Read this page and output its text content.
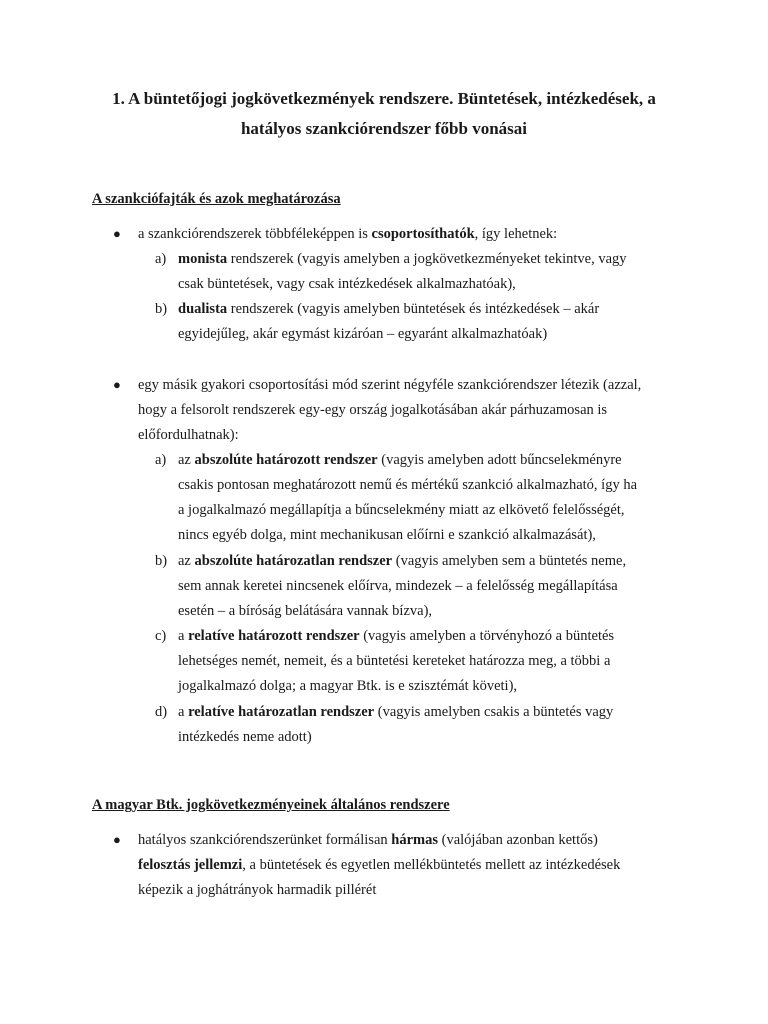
1. A büntetőjogi jogkövetkezmények rendszere. Büntetések, intézkedések, a
hatályos szankciórendszer főbb vonásai
A szankciófajták és azok meghatározása
● a szankciórendszerek többféleképpen is csoportosíthatók, így lehetnek:
a) monista rendszerek (vagyis amelyben a jogkövetkezményeket tekintve, vagy
csak büntetések, vagy csak intézkedések alkalmazhatóak),
b) dualista rendszerek (vagyis amelyben büntetések és intézkedések – akár
egyidejűleg, akár egymást kizáróan – egyaránt alkalmazhatóak)
● egy másik gyakori csoportosítási mód szerint négyféle szankciórendszer létezik (azzal,
hogy a felsorolt rendszerek egy-egy ország jogalkotásában akár párhuzamosan is
előfordulhatnak):
a) az abszolúte határozott rendszer (vagyis amelyben adott bűncselekményre
csakis pontosan meghatározott nemű és mértékű szankció alkalmazható, így ha
a jogalkalmazó megállapítja a bűncselekmény miatt az elkövető felelősségét,
nincs egyéb dolga, mint mechanikusan előírni e szankció alkalmazását),
b) az abszolúte határozatlan rendszer (vagyis amelyben sem a büntetés neme,
sem annak keretei nincsenek előírva, mindezek – a felelősség megállapítása
esetén – a bíróság belátására vannak bízva),
c) a relatíve határozott rendszer (vagyis amelyben a törvényhozó a büntetés
lehetséges nemét, nemeit, és a büntetési kereteket határozza meg, a többi a
jogalkalmazó dolga; a magyar Btk. is e szisztémát követi),
d) a relatíve határozatlan rendszer (vagyis amelyben csakis a büntetés vagy
intézkedés neme adott)
A magyar Btk. jogkövetkezményeinek általános rendszere
● hatályos szankciórendszerünket formálisan hármas (valójában azonban kettős)
felosztás jellemzi, a büntetések és egyetlen mellékbüntetés mellett az intézkedések
képezik a joghátrányok harmadik pillérét
